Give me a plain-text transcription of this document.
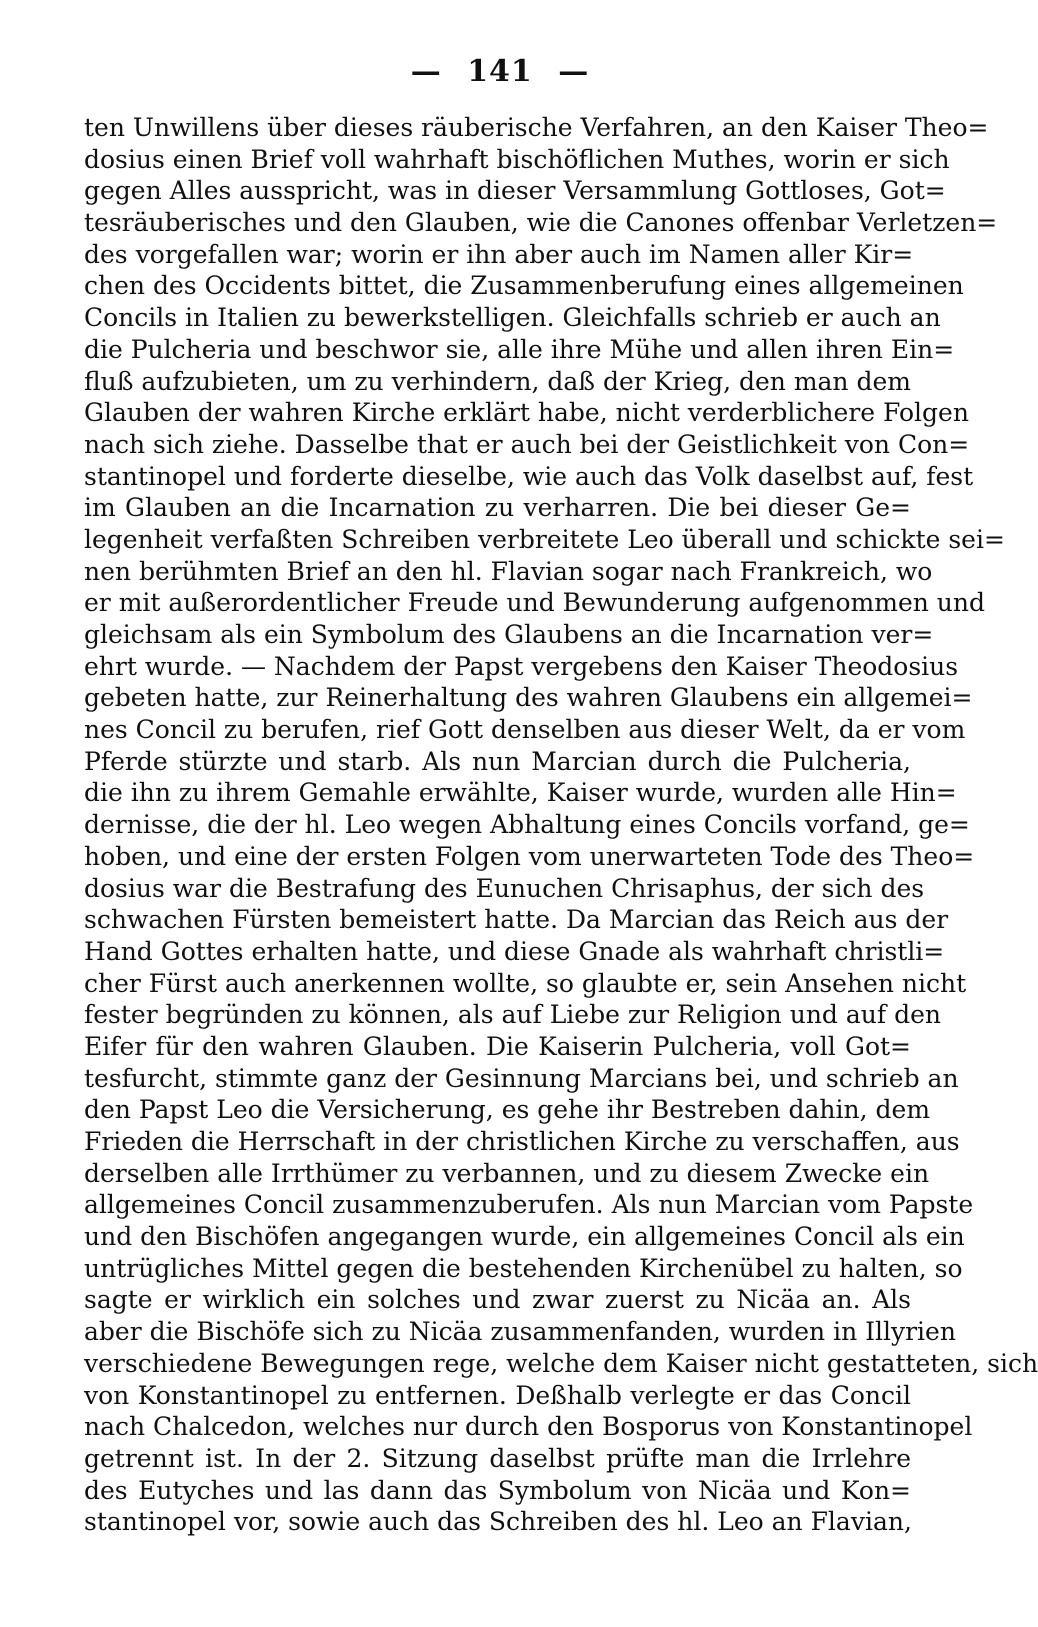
— 141 —
ten Unwillens über dieses räuberische Verfahren, an den Kaiser Theo=
dosius einen Brief voll wahrhaft bischöflichen Muthes, worin er sich
gegen Alles ausspricht, was in dieser Versammlung Gottloses, Got=
tesräuberisches und den Glauben, wie die Canones offenbar Verletzen=
des vorgefallen war; worin er ihn aber auch im Namen aller Kir=
chen des Occidents bittet, die Zusammenberufung eines allgemeinen
Concils in Italien zu bewerkstelligen. Gleichfalls schrieb er auch an
die Pulcheria und beschwor sie, alle ihre Mühe und allen ihren Ein=
fluß aufzubieten, um zu verhindern, daß der Krieg, den man dem
Glauben der wahren Kirche erklärt habe, nicht verderblichere Folgen
nach sich ziehe. Dasselbe that er auch bei der Geistlichkeit von Con=
stantinopel und forderte dieselbe, wie auch das Volk daselbst auf, fest
im Glauben an die Incarnation zu verharren. Die bei dieser Ge=
legenheit verfaßten Schreiben verbreitete Leo überall und schickte sei=
nen berühmten Brief an den hl. Flavian sogar nach Frankreich, wo
er mit außerordentlicher Freude und Bewunderung aufgenommen und
gleichsam als ein Symbolum des Glaubens an die Incarnation ver=
ehrt wurde. — Nachdem der Papst vergebens den Kaiser Theodosius
gebeten hatte, zur Reinerhaltung des wahren Glaubens ein allgemei=
nes Concil zu berufen, rief Gott denselben aus dieser Welt, da er vom
Pferde stürzte und starb. Als nun Marcian durch die Pulcheria,
die ihn zu ihrem Gemahle erwählte, Kaiser wurde, wurden alle Hin=
dernisse, die der hl. Leo wegen Abhaltung eines Concils vorfand, ge=
hoben, und eine der ersten Folgen vom unerwarteten Tode des Theo=
dosius war die Bestrafung des Eunuchen Chrisaphus, der sich des
schwachen Fürsten bemeistert hatte. Da Marcian das Reich aus der
Hand Gottes erhalten hatte, und diese Gnade als wahrhaft christli=
cher Fürst auch anerkennen wollte, so glaubte er, sein Ansehen nicht
fester begründen zu können, als auf Liebe zur Religion und auf den
Eifer für den wahren Glauben. Die Kaiserin Pulcheria, voll Got=
tesfurcht, stimmte ganz der Gesinnung Marcians bei, und schrieb an
den Papst Leo die Versicherung, es gehe ihr Bestreben dahin, dem
Frieden die Herrschaft in der christlichen Kirche zu verschaffen, aus
derselben alle Irrthümer zu verbannen, und zu diesem Zwecke ein
allgemeines Concil zusammenzuberufen. Als nun Marcian vom Papste
und den Bischöfen angegangen wurde, ein allgemeines Concil als ein
untrügliches Mittel gegen die bestehenden Kirchenübel zu halten, so
sagte er wirklich ein solches und zwar zuerst zu Nicäa an. Als
aber die Bischöfe sich zu Nicäa zusammenfanden, wurden in Illyrien
verschiedene Bewegungen rege, welche dem Kaiser nicht gestatteten, sich
von Konstantinopel zu entfernen. Deßhalb verlegte er das Concil
nach Chalcedon, welches nur durch den Bosporus von Konstantinopel
getrennt ist. In der 2. Sitzung daselbst prüfte man die Irrlehre
des Eutyches und las dann das Symbolum von Nicäa und Kon=
stantinopel vor, sowie auch das Schreiben des hl. Leo an Flavian,
